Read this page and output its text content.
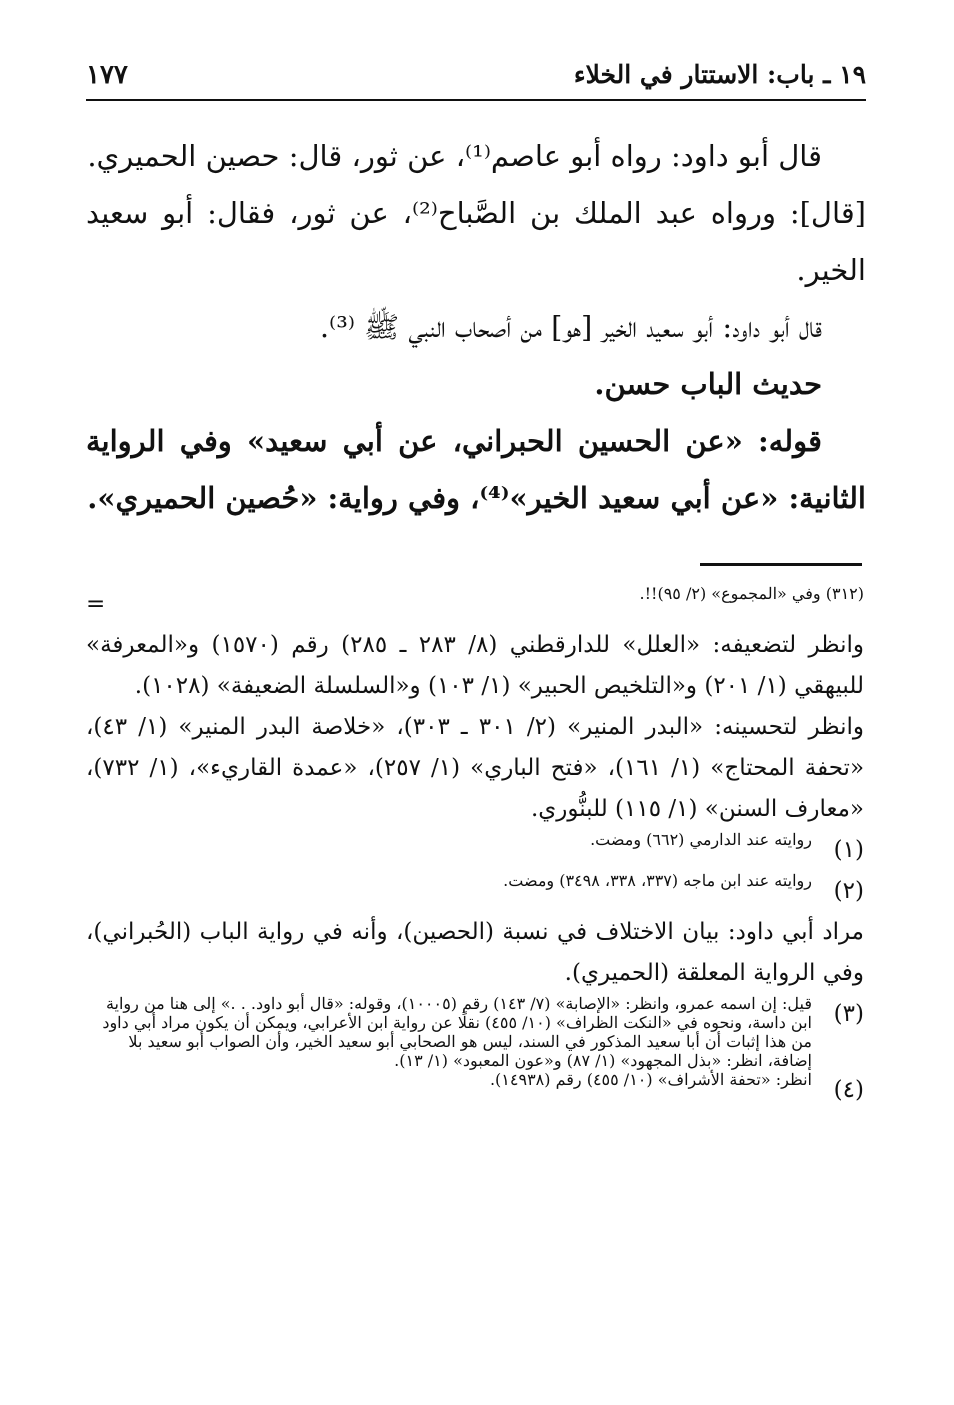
١٩ ـ باب: الاستتار في الخلاء
١٧٧

قال أبو داود: رواه أبو عاصم⁽¹⁾، عن ثور، قال: حصين الحميري.

[قال]: ورواه عبد الملك بن الصَّباح⁽²⁾، عن ثور، فقال: أبو سعيد الخير.

قال أبو داود: أبو سعيد الخير [هو] من أصحاب النبي ﷺ ⁽³⁾.

حديث الباب حسن.

قوله: «عن الحسين الحبراني، عن أبي سعيد» وفي الرواية الثانية: «عن أبي سعيد الخير»⁽⁴⁾، وفي رواية: «حُصين الحميري».

(٣١٢) وفي «المجموع» (٢/ ٩٥)!!.
=

وانظر لتضعيفه: «العلل» للدارقطني (٨/ ٢٨٣ ـ ٢٨٥) رقم (١٥٧٠) و«المعرفة» للبيهقي (١/ ٢٠١) و«التلخيص الحبير» (١/ ١٠٣) و«السلسلة الضعيفة» (١٠٢٨).

وانظر لتحسينه: «البدر المنير» (٢/ ٣٠١ ـ ٣٠٣)، «خلاصة البدر المنير» (١/ ٤٣)، «تحفة المحتاج» (١/ ١٦١)، «فتح الباري» (١/ ٢٥٧)، «عمدة القاريء»، (١/ ٧٣٢)، «معارف السنن» (١/ ١١٥) للبنُّوري.

(١)
روايته عند الدارمي (٦٦٢) ومضت.
(٢)
روايته عند ابن ماجه (٣٣٧، ٣٣٨، ٣٤٩٨) ومضت.

مراد أبي داود: بيان الاختلاف في نسبة (الحصين)، وأنه في رواية الباب (الحُبراني)، وفي الرواية المعلقة (الحميري).

(٣)
قيل: إن اسمه عمرو، وانظر: «الإصابة» (٧/ ١٤٣) رقم (١٠٠٠٥)، وقوله: «قال أبو داود. . .» إلى هنا من رواية ابن داسة، ونحوه في «النكت الظراف» (١٠/ ٤٥٥) نقلًا عن رواية ابن الأعرابي، ويمكن أن يكون مراد أبي داود من هذا إثبات أن أبا سعيد المذكور في السند، ليس هو الصحابي أبو سعيد الخير، وأن الصواب أبو سعيد بلا إضافة، انظر: «بذل المجهود» (١/ ٨٧) و«عون المعبود» (١/ ١٣).
(٤)
انظر: «تحفة الأشراف» (١٠/ ٤٥٥) رقم (١٤٩٣٨).
